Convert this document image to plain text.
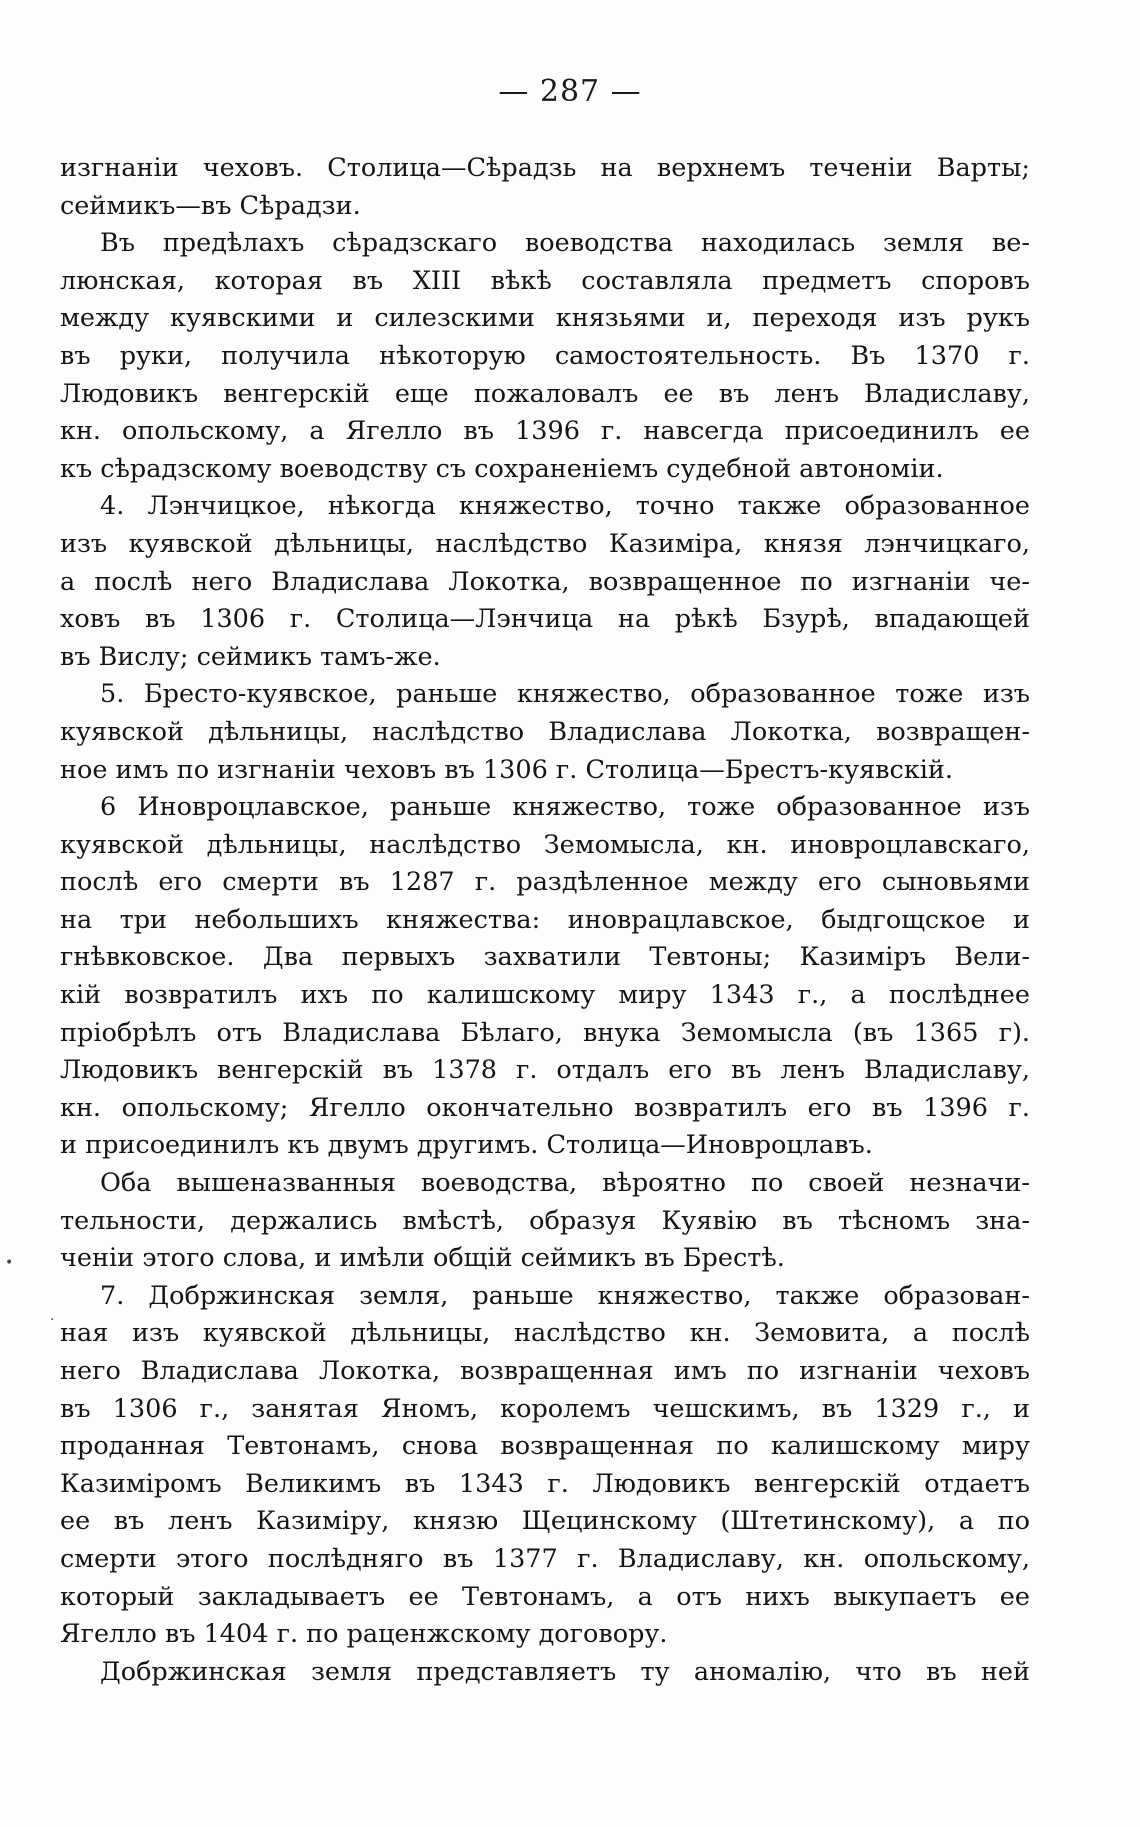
— 287 —
•
·
изгнаніи чеховъ. Столица—Сѣрадзь на верхнемъ теченіи Варты;
сеймикъ—въ Сѣрадзи.
Въ предѣлахъ сѣрадзскаго воеводства находилась земля ве-
люнская, которая въ XIII вѣкѣ составляла предметъ споровъ
между куявскими и силезскими князьями и, переходя изъ рукъ
въ руки, получила нѣкоторую самостоятельность. Въ 1370 г.
Людовикъ венгерскій еще пожаловалъ ее въ ленъ Владиславу,
кн. опольскому, а Ягелло въ 1396 г. навсегда присоединилъ ее
къ сѣрадзскому воеводству съ сохраненіемъ судебной автономіи.
4. Лэнчицкое, нѣкогда княжество, точно также образованное
изъ куявской дѣльницы, наслѣдство Казиміра, князя лэнчицкаго,
а послѣ него Владислава Локотка, возвращенное по изгнаніи че-
ховъ въ 1306 г. Столица—Лэнчица на рѣкѣ Бзурѣ, впадающей
въ Вислу; сеймикъ тамъ-же.
5. Бресто-куявское, раньше княжество, образованное тоже изъ
куявской дѣльницы, наслѣдство Владислава Локотка, возвращен-
ное имъ по изгнаніи чеховъ въ 1306 г. Столица—Брестъ-куявскій.
6 Иноврoцлавское, раньше княжество, тоже образованное изъ
куявской дѣльницы, наслѣдство Земомысла, кн. иноврoцлавскаго,
послѣ его смерти въ 1287 г. раздѣленное между его сыновьями
на три небольшихъ княжества: иноврацлавское, быдгощское и
гнѣвковское. Два первыхъ захватили Тевтоны; Казиміръ Вели-
кій возвратилъ ихъ по калишскому миру 1343 г., а послѣднее
пріобрѣлъ отъ Владислава Бѣлаго, внука Земомысла (въ 1365 г).
Людовикъ венгерскій въ 1378 г. отдалъ его въ ленъ Владиславу,
кн. опольскому; Ягелло окончательно возвратилъ его въ 1396 г.
и присоединилъ къ двумъ другимъ. Столица—Иноврoцлавъ.
Оба вышеназванныя воеводства, вѣроятно по своей незначи-
тельности, держались вмѣстѣ, образуя Куявію въ тѣсномъ зна-
ченіи этого слова, и имѣли общій сеймикъ въ Брестѣ.
7. Добржинская земля, раньше княжество, также образован-
ная изъ куявской дѣльницы, наслѣдство кн. Земовита, а послѣ
него Владислава Локотка, возвращенная имъ по изгнаніи чеховъ
въ 1306 г., занятая Яномъ, королемъ чешскимъ, въ 1329 г., и
проданная Тевтонамъ, снова возвращенная по калишскому миру
Казиміромъ Великимъ въ 1343 г. Людовикъ венгерскій отдаетъ
ее въ ленъ Казиміру, князю Щецинскому (Штетинскому), а по
смерти этого послѣдняго въ 1377 г. Владиславу, кн. опольскому,
который закладываетъ ее Тевтонамъ, а отъ нихъ выкупаетъ ее
Ягелло въ 1404 г. по раценжскому договору.
Добржинская земля представляетъ ту аномалію, что въ ней
